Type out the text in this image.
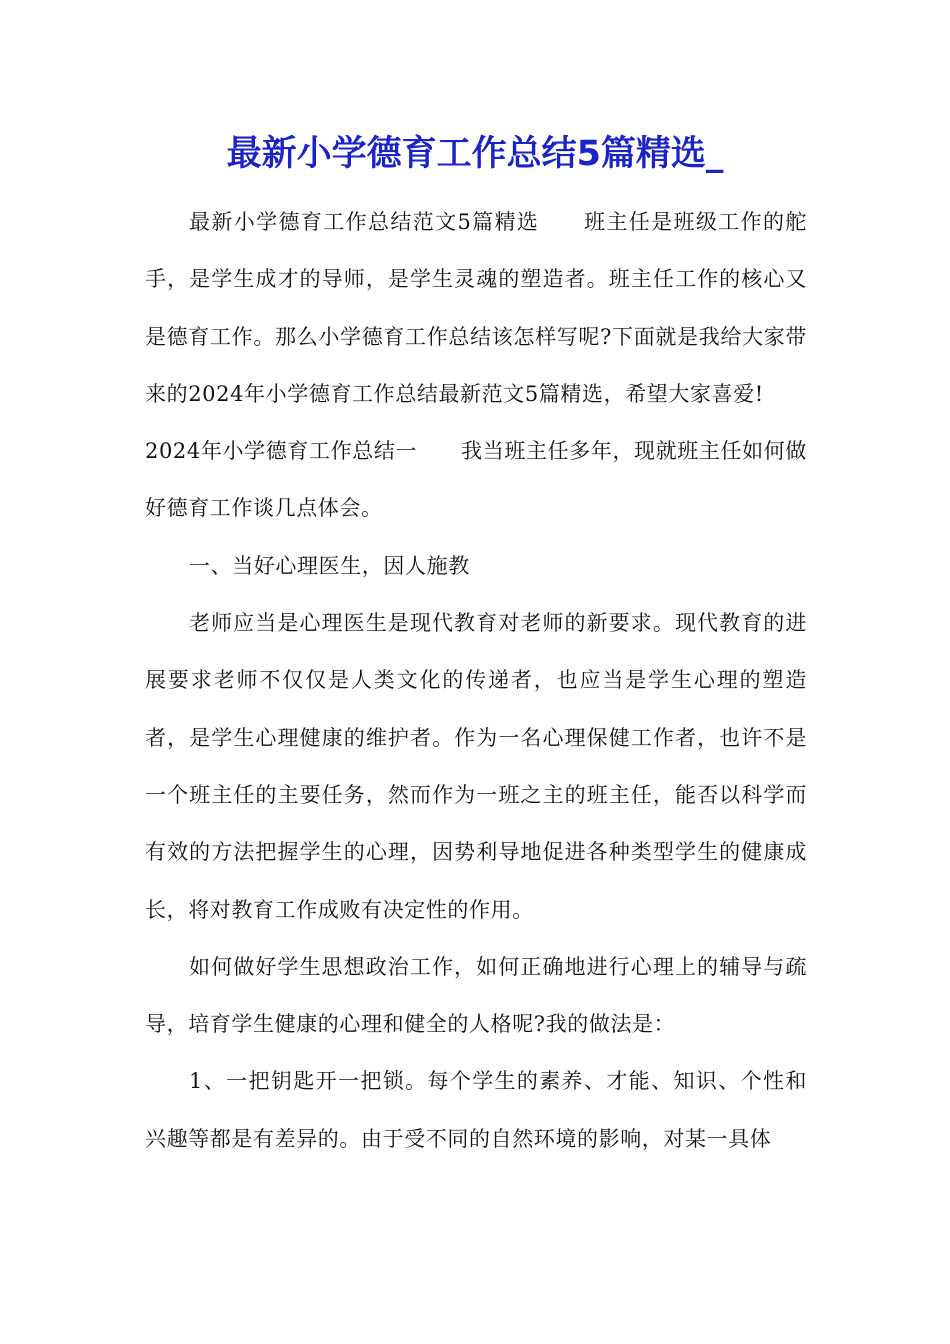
最新小学德育工作总结5篇精选_

最新小学德育工作总结范文5篇精选 班主任是班级工作的舵手，是学生成才的导师，是学生灵魂的塑造者。班主任工作的核心又是德育工作。那么小学德育工作总结该怎样写呢?下面就是我给大家带来的2024年小学德育工作总结最新范文5篇精选，希望大家喜爱!

2024年小学德育工作总结一 我当班主任多年，现就班主任如何做好德育工作谈几点体会。

一、当好心理医生，因人施教

老师应当是心理医生是现代教育对老师的新要求。现代教育的进展要求老师不仅仅是人类文化的传递者，也应当是学生心理的塑造者，是学生心理健康的维护者。作为一名心理保健工作者，也许不是一个班主任的主要任务，然而作为一班之主的班主任，能否以科学而有效的方法把握学生的心理，因势利导地促进各种类型学生的健康成长，将对教育工作成败有决定性的作用。

如何做好学生思想政治工作，如何正确地进行心理上的辅导与疏导，培育学生健康的心理和健全的人格呢?我的做法是：

1、一把钥匙开一把锁。每个学生的素养、才能、知识、个性和兴趣等都是有差异的。由于受不同的自然环境的影响，对某一具体
